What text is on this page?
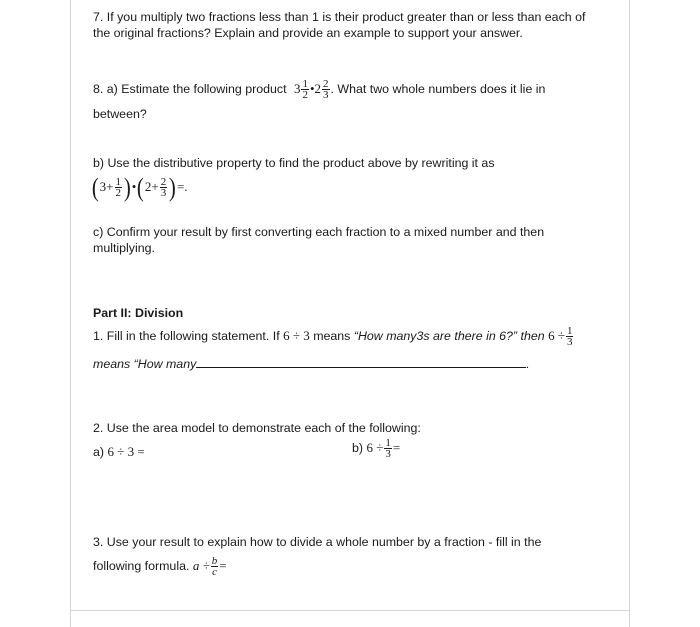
7. If you multiply two fractions less than 1 is their product greater than or less than each of
the original fractions? Explain and provide an example to support your answer.
8. a) Estimate the following product $3 \frac{1}{2}$ •2 $\frac{2}{3}$ . What two whole numbers does it lie in
between?
b) Use the distributive property to find the product above by rewriting it as
($3+ \frac{1}{2}$ )•(2+ $\frac{2}{3}$ )=.
c) Confirm your result by first converting each fraction to a mixed number and then
multiplying.
Part II: Division
1. Fill in the following statement. If 6 ÷ 3 means “How many3s are there in 6?” then $6 \div \frac{1}{3}$
means “How many	.
2. Use the area model to demonstrate each of the following:
a) 6 ÷ 3 =	b) $6 \div \frac{1}{3}$ =
3. Use your result to explain how to divide a whole number by a fraction - fill in the
following formula. $a \div \frac{b}{c}$ =
